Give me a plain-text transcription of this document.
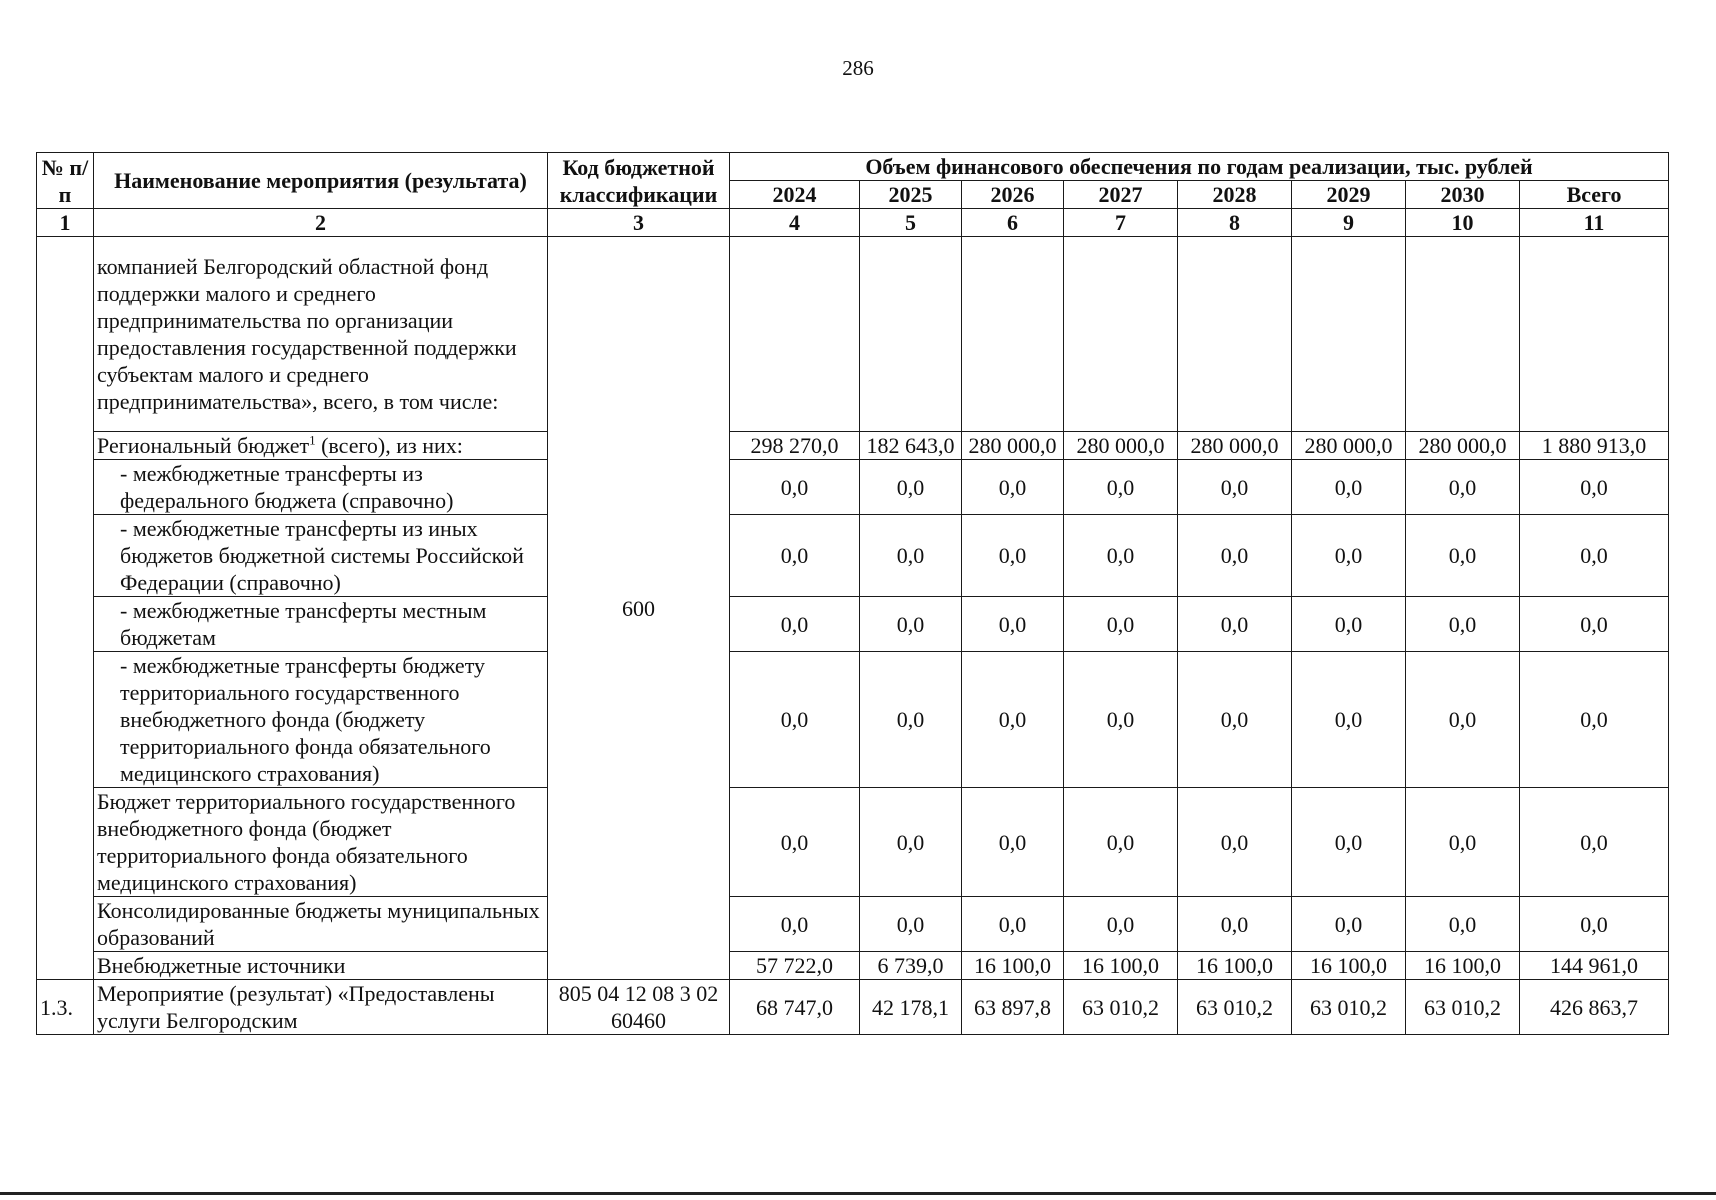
286
№ п/п	Наименование мероприятия (результата)	Код бюджетной классификации	Объем финансового обеспечения по годам реализации, тыс. рублей							
			2024	2025	2026	2027	2028	2029	2030	Всего
1	2	3	4	5	6	7	8	9	10	11
	компанией Белгородский областной фонд поддержки малого и среднего предпринимательства по организации предоставления государственной поддержки субъектам малого и среднего предпринимательства», всего, в том числе:	600								
	Региональный бюджет$^1$ (всего), из них:		298 270,0	182 643,0	280 000,0	280 000,0	280 000,0	280 000,0	280 000,0	1 880 913,0
	- межбюджетные трансферты из федерального бюджета (справочно)		0,0	0,0	0,0	0,0	0,0	0,0	0,0	0,0
	- межбюджетные трансферты из иных бюджетов бюджетной системы Российской Федерации (справочно)		0,0	0,0	0,0	0,0	0,0	0,0	0,0	0,0
	- межбюджетные трансферты местным бюджетам		0,0	0,0	0,0	0,0	0,0	0,0	0,0	0,0
	- межбюджетные трансферты бюджету территориального государственного внебюджетного фонда (бюджету территориального фонда обязательного медицинского страхования)		0,0	0,0	0,0	0,0	0,0	0,0	0,0	0,0
	Бюджет территориального государственного внебюджетного фонда (бюджет территориального фонда обязательного медицинского страхования)		0,0	0,0	0,0	0,0	0,0	0,0	0,0	0,0
	Консолидированные бюджеты муниципальных образований		0,0	0,0	0,0	0,0	0,0	0,0	0,0	0,0
	Внебюджетные источники		57 722,0	6 739,0	16 100,0	16 100,0	16 100,0	16 100,0	16 100,0	144 961,0
1.3.	Мероприятие (результат) «Предоставлены услуги Белгородским	805 04 12 08 3 02 60460	68 747,0	42 178,1	63 897,8	63 010,2	63 010,2	63 010,2	63 010,2	426 863,7
